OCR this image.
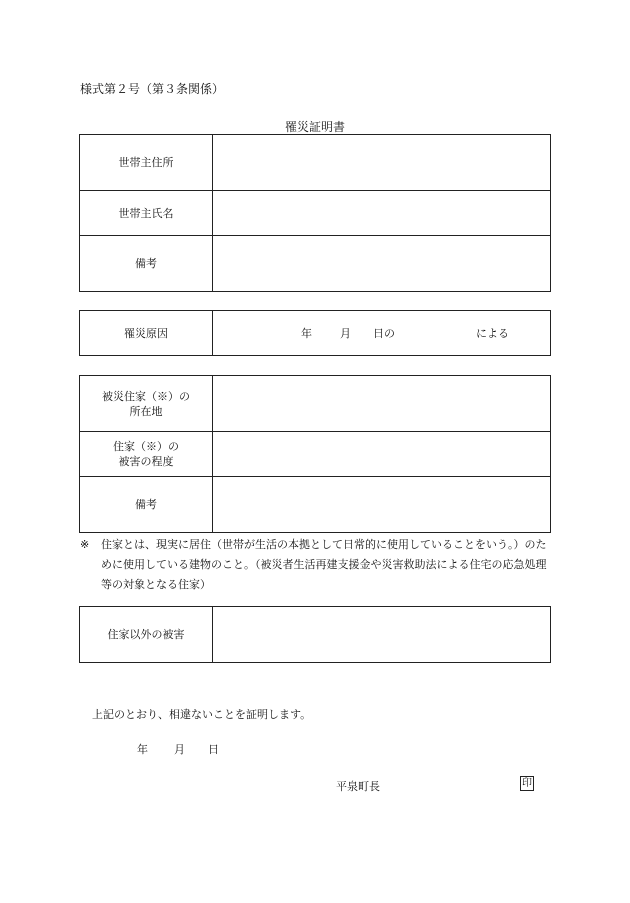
様式第２号（第３条関係）
罹災証明書
世帯主住所	
世帯主氏名	
備考	
罹災原因	年	月 日の	による
被災住家（※）の
所在地	

住家（※）の
被害の程度	

備考	
※ 住家とは、現実に居住（世帯が生活の本拠として日常的に使用していることをいう。）のために使用している建物のこと。（被災者生活再建支援金や災害救助法による住宅の応急処理等の対象となる住家）
住家以外の被害	
上記のとおり、相違ないことを証明します。
年 月 日
平泉町長	印
